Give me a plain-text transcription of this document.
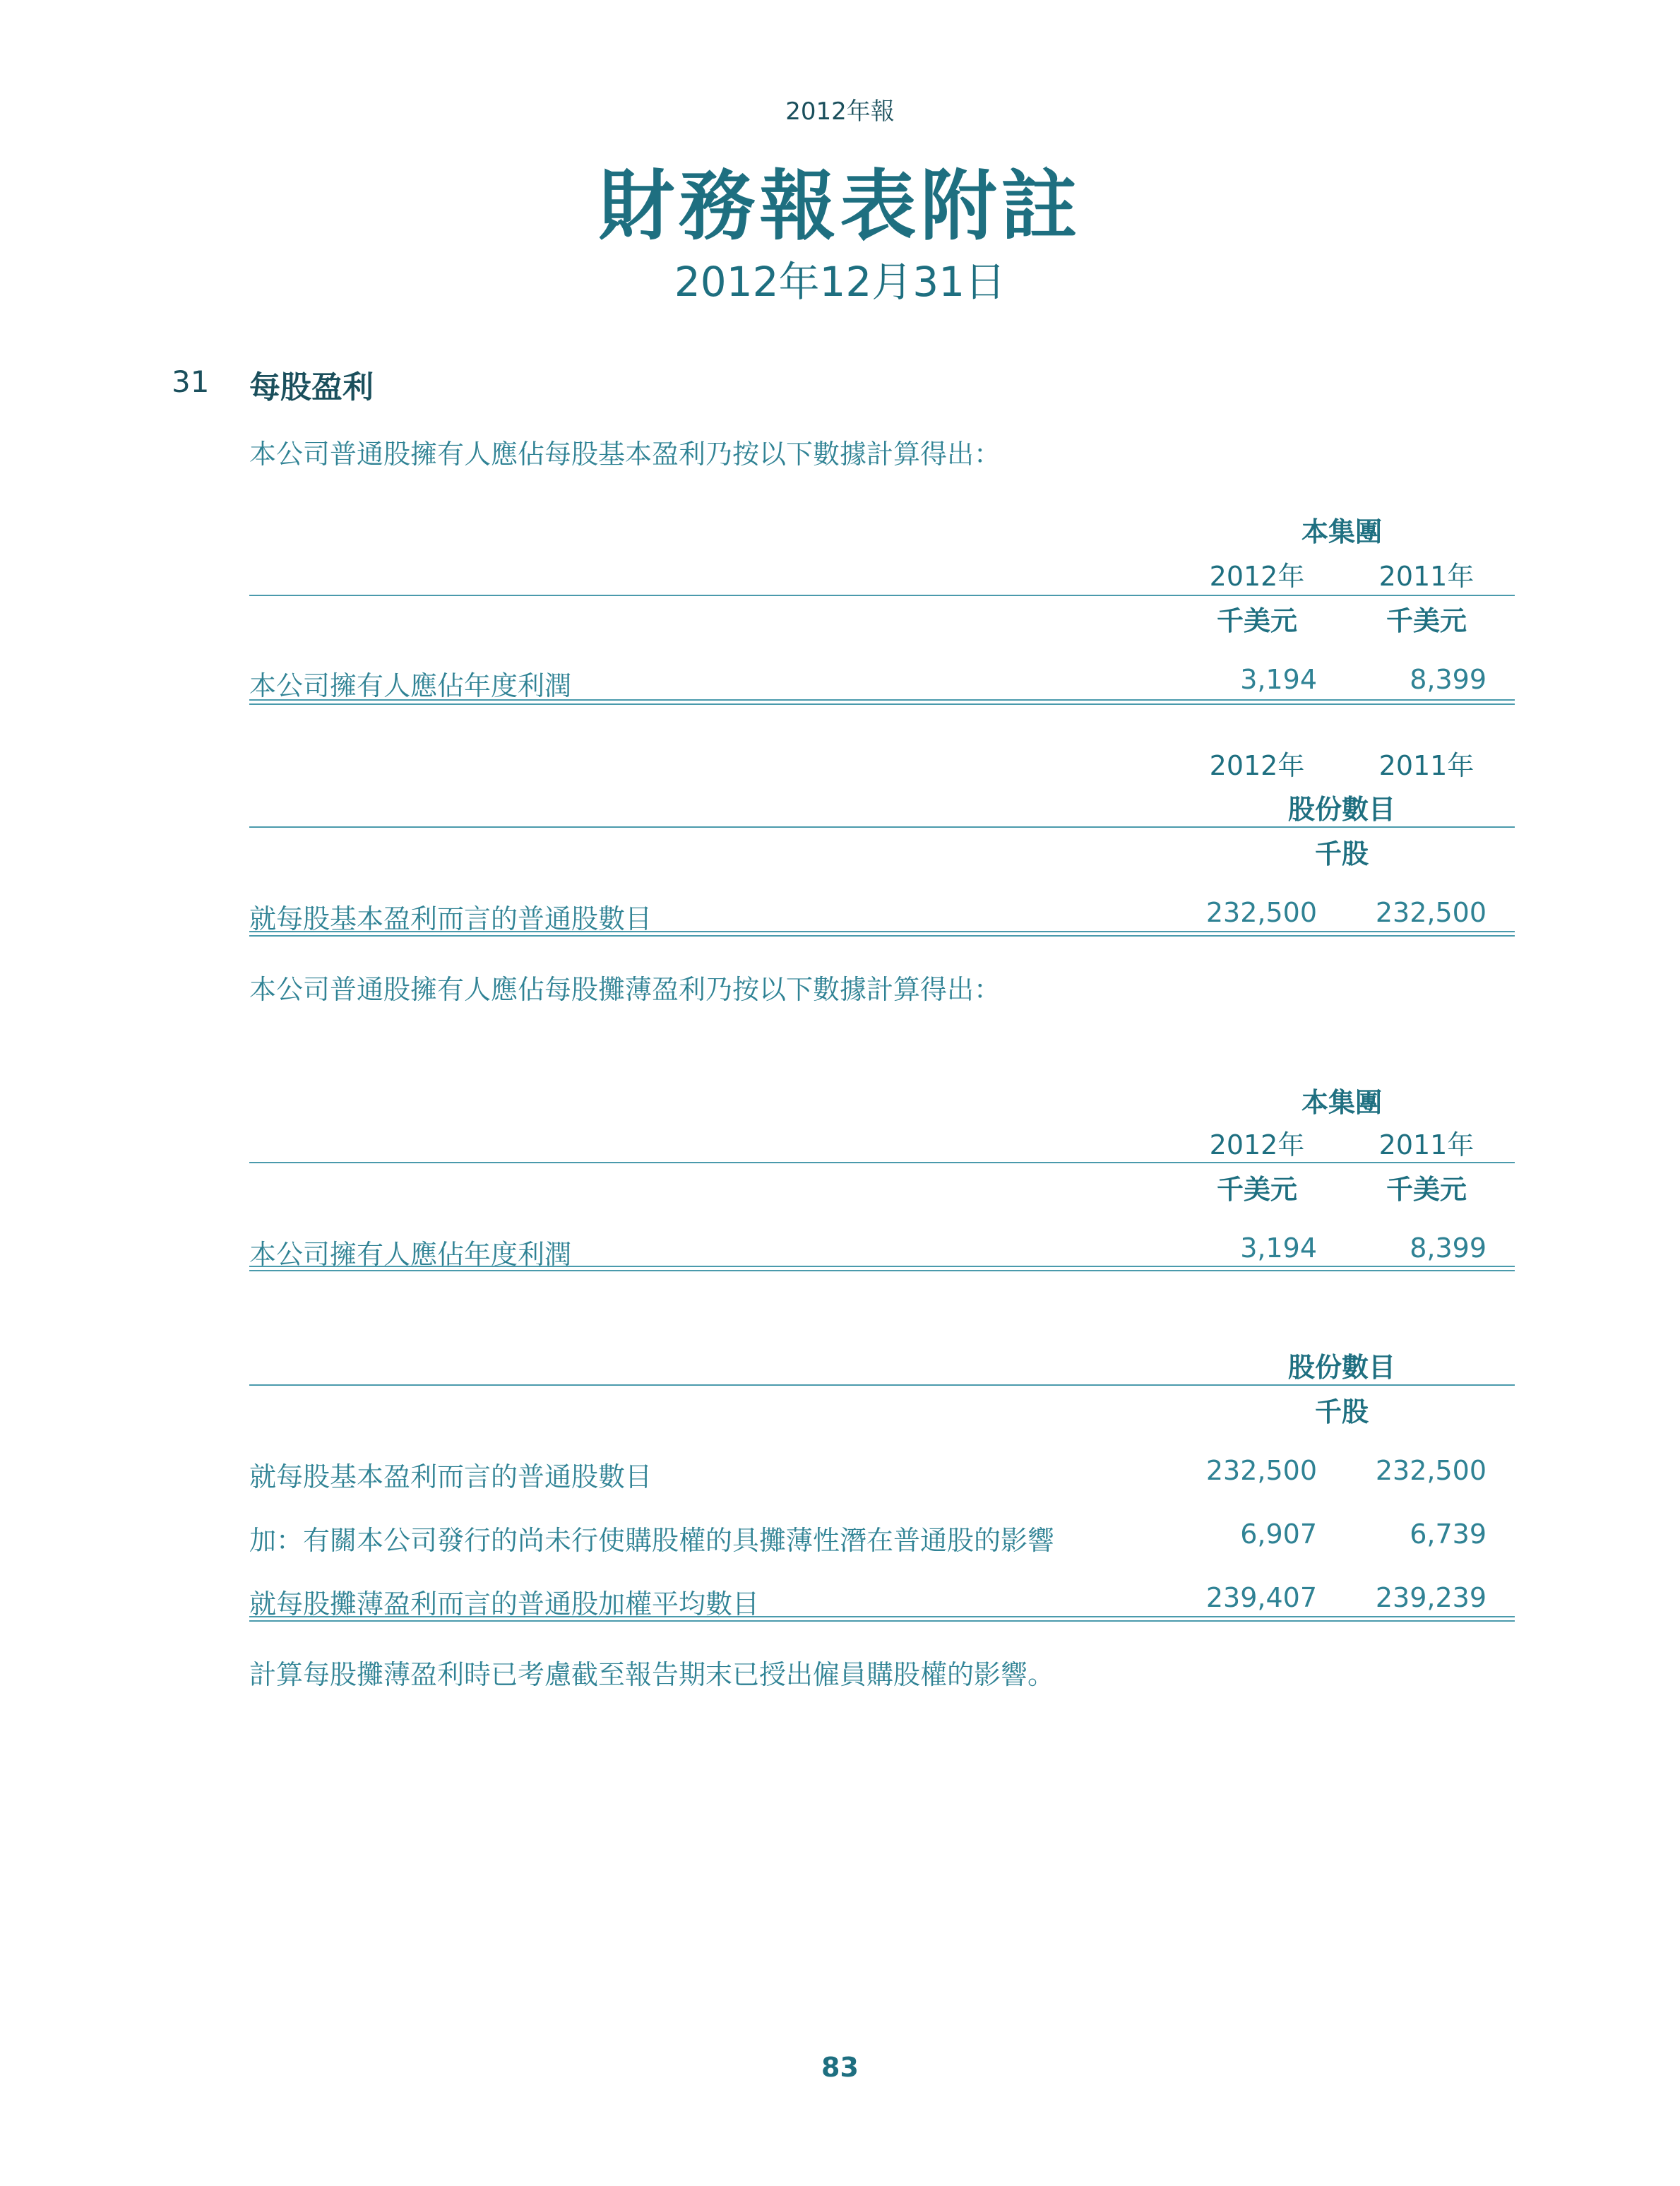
2012年報
財務報表附註
2012年12月31日
31 每股盈利
本公司普通股擁有人應佔每股基本盈利乃按以下數據計算得出：
本集團
2012年	2011年
千美元	千美元
本公司擁有人應佔年度利潤	3,194	8,399
2012年	2011年
股份數目
千股
就每股基本盈利而言的普通股數目	232,500	232,500
本公司普通股擁有人應佔每股攤薄盈利乃按以下數據計算得出：
本集團
2012年	2011年
千美元	千美元
本公司擁有人應佔年度利潤	3,194	8,399
股份數目
千股
就每股基本盈利而言的普通股數目	232,500	232,500
加：有關本公司發行的尚未行使購股權的具攤薄性潛在普通股的影響	6,907	6,739
就每股攤薄盈利而言的普通股加權平均數目	239,407	239,239
計算每股攤薄盈利時已考慮截至報告期末已授出僱員購股權的影響。
83
